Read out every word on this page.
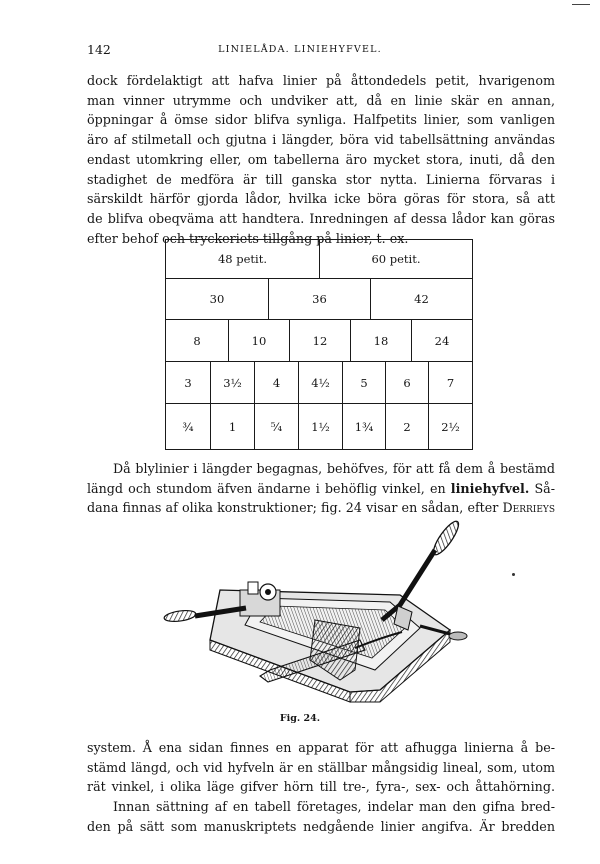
142	LINIELÅDA. LINIEHYFVEL.
dock fördelaktigt att hafva linier på åttondedels petit, hvarigenom
man vinner utrymme och undviker att, då en linie skär en annan,
öppningar å ömse sidor blifva synliga. Halfpetits linier, som vanligen
äro af stilmetall och gjutna i längder, böra vid tabellsättning användas
endast utomkring eller, om tabellerna äro mycket stora, inuti, då den
stadighet de medföra är till ganska stor nytta. Linierna förvaras i
särskildt härför gjorda lådor, hvilka icke böra göras för stora, så att
de blifva obeqväma att handtera. Inredningen af dessa lådor kan göras
efter behof och tryckeriets tillgång på linier, t. ex.
48 petit.	60 petit.
30	36	42
8	10	12	18	24
3	3½	4	4½	5	6	7
¾	1	⁵⁄₄	1½	1¾	2	2½
Då blylinier i längder begagnas, behöfves, för att få dem å bestämd
längd och stundom äfven ändarne i behöflig vinkel, en liniehyfvel. Så-
dana finnas af olika konstruktioner; fig. 24 visar en sådan, efter Derrieys
Fig. 24.
system. Å ena sidan finnes en apparat för att afhugga linierna å be-
stämd längd, och vid hyfveln är en ställbar mångsidig lineal, som, utom
rät vinkel, i olika läge gifver hörn till tre-, fyra-, sex- och åttahörning.
Innan sättning af en tabell företages, indelar man den gifna bred-
den på sätt som manuskriptets nedgående linier angifva. Är bredden
